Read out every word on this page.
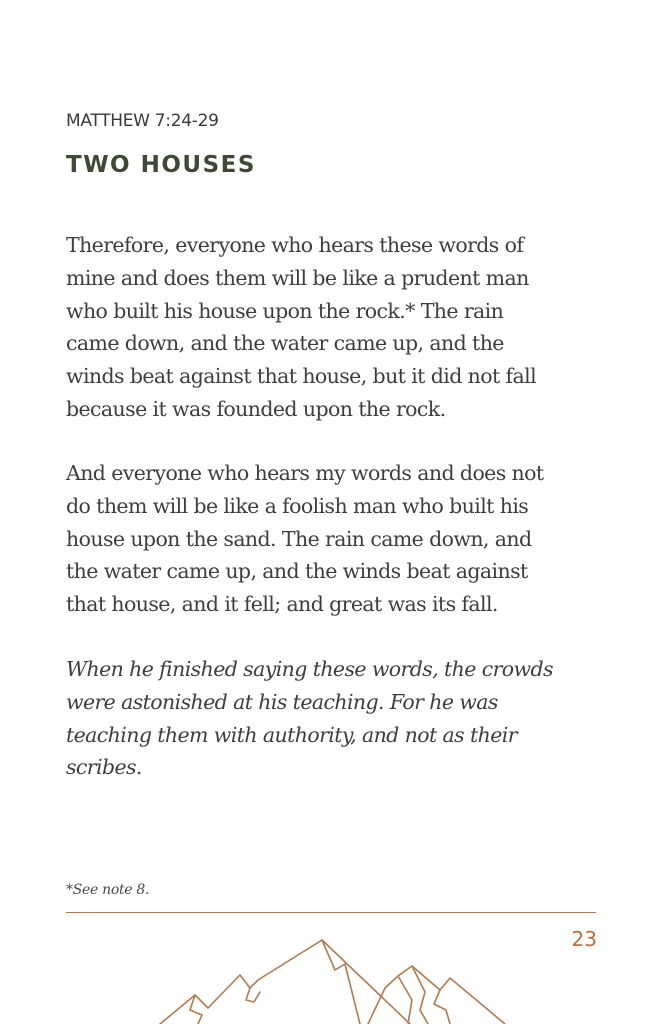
MATTHEW 7:24-29
TWO HOUSES

Therefore, everyone who hears these words of
mine and does them will be like a prudent man
who built his house upon the rock.* The rain
came down, and the water came up, and the
winds beat against that house, but it did not fall
because it was founded upon the rock.

And everyone who hears my words and does not
do them will be like a foolish man who built his
house upon the sand. The rain came down, and
the water came up, and the winds beat against
that house, and it fell; and great was its fall.

When he finished saying these words, the crowds
were astonished at his teaching. For he was
teaching them with authority, and not as their
scribes.

*See note 8.
23
